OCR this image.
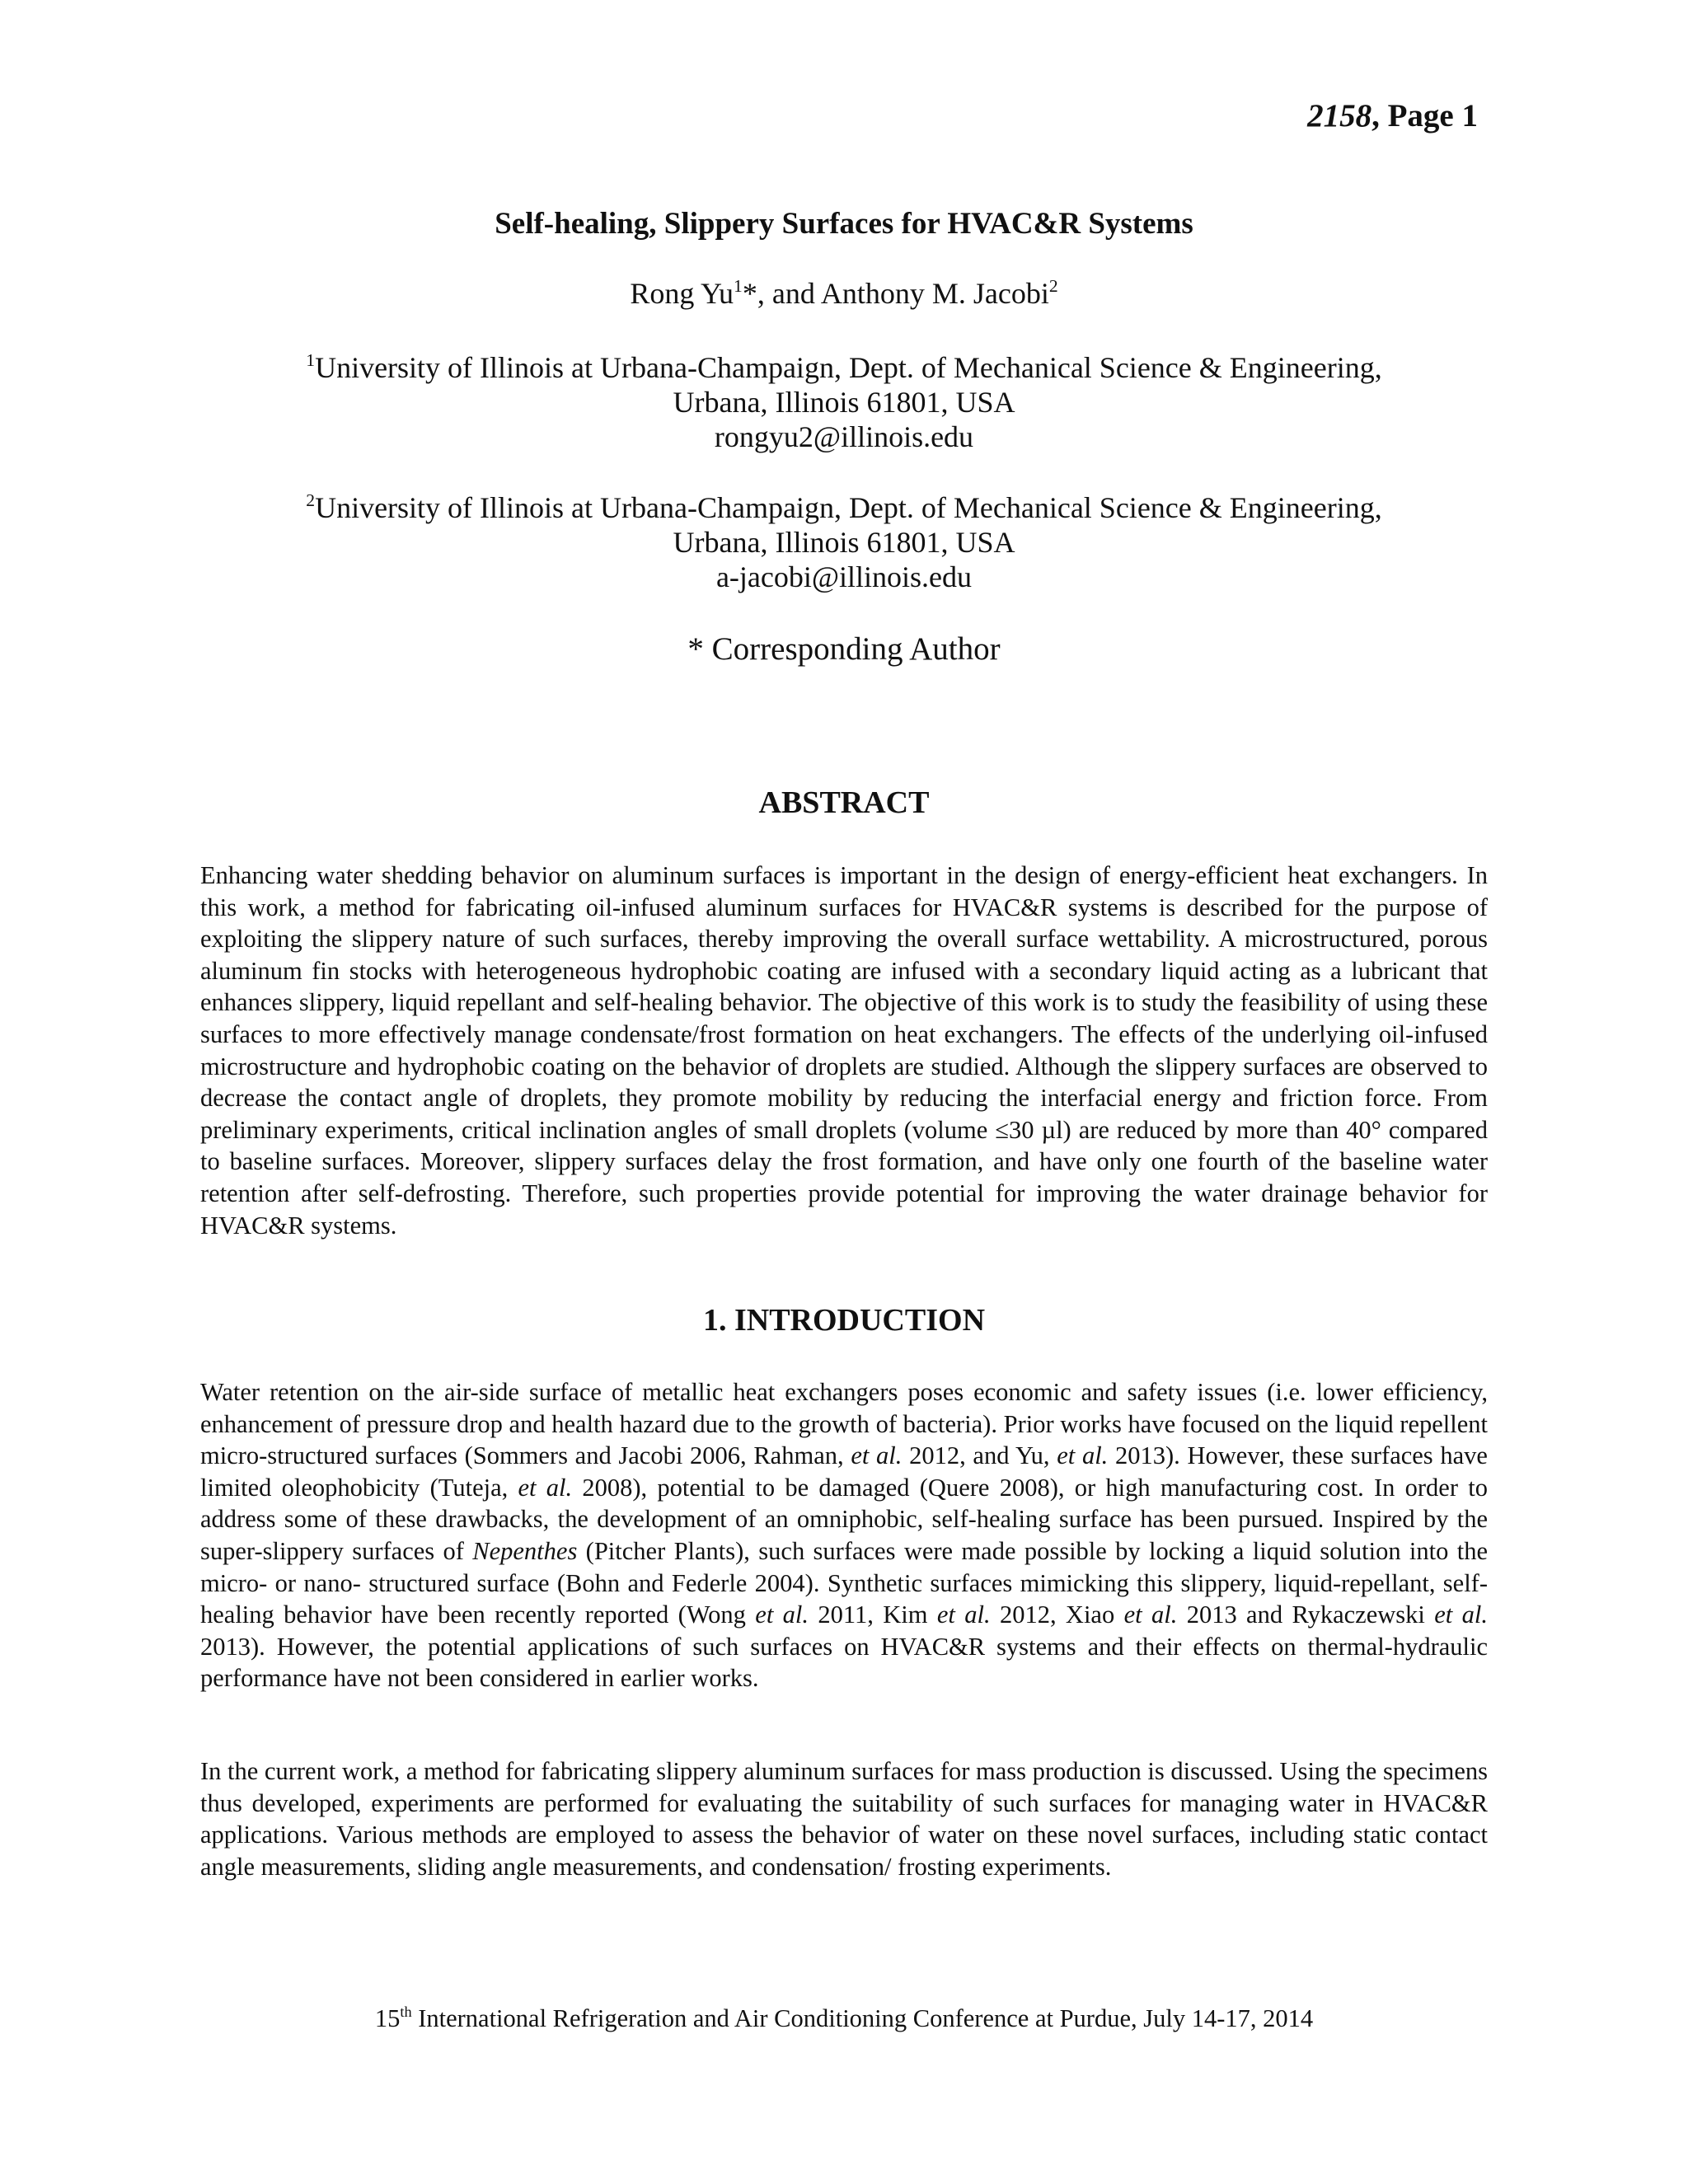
2158, Page 1
Self-healing, Slippery Surfaces for HVAC&R Systems
Rong Yu$^1$*, and Anthony M. Jacobi$^2$
$^1$University of Illinois at Urbana-Champaign, Dept. of Mechanical Science & Engineering,
Urbana, Illinois 61801, USA
rongyu2@illinois.edu
$^2$University of Illinois at Urbana-Champaign, Dept. of Mechanical Science & Engineering,
Urbana, Illinois 61801, USA
a-jacobi@illinois.edu
* Corresponding Author
ABSTRACT

Enhancing water shedding behavior on aluminum surfaces is important in the design of energy-efficient heat exchangers. In this work, a method for fabricating oil-infused aluminum surfaces for HVAC&R systems is described for the purpose of exploiting the slippery nature of such surfaces, thereby improving the overall surface wettability. A microstructured, porous aluminum fin stocks with heterogeneous hydrophobic coating are infused with a secondary liquid acting as a lubricant that enhances slippery, liquid repellant and self-healing behavior. The objective of this work is to study the feasibility of using these surfaces to more effectively manage condensate/frost formation on heat exchangers. The effects of the underlying oil-infused microstructure and hydrophobic coating on the behavior of droplets are studied. Although the slippery surfaces are observed to decrease the contact angle of droplets, they promote mobility by reducing the interfacial energy and friction force. From preliminary experiments, critical inclination angles of small droplets (volume ≤30 µl) are reduced by more than 40° compared to baseline surfaces. Moreover, slippery surfaces delay the frost formation, and have only one fourth of the baseline water retention after self-defrosting. Therefore, such properties provide potential for improving the water drainage behavior for HVAC&R systems.

1. INTRODUCTION

Water retention on the air-side surface of metallic heat exchangers poses economic and safety issues (i.e. lower efficiency, enhancement of pressure drop and health hazard due to the growth of bacteria). Prior works have focused on the liquid repellent micro-structured surfaces (Sommers and Jacobi 2006, Rahman, et al. 2012, and Yu, et al. 2013). However, these surfaces have limited oleophobicity (Tuteja, et al. 2008), potential to be damaged (Quere 2008), or high manufacturing cost. In order to address some of these drawbacks, the development of an omniphobic, self-healing surface has been pursued. Inspired by the super-slippery surfaces of Nepenthes (Pitcher Plants), such surfaces were made possible by locking a liquid solution into the micro- or nano- structured surface (Bohn and Federle 2004). Synthetic surfaces mimicking this slippery, liquid-repellant, self-healing behavior have been recently reported (Wong et al. 2011, Kim et al. 2012, Xiao et al. 2013 and Rykaczewski et al. 2013). However, the potential applications of such surfaces on HVAC&R systems and their effects on thermal-hydraulic performance have not been considered in earlier works.

In the current work, a method for fabricating slippery aluminum surfaces for mass production is discussed. Using the specimens thus developed, experiments are performed for evaluating the suitability of such surfaces for managing water in HVAC&R applications. Various methods are employed to assess the behavior of water on these novel surfaces, including static contact angle measurements, sliding angle measurements, and condensation/ frosting experiments.

15th International Refrigeration and Air Conditioning Conference at Purdue, July 14-17, 2014
